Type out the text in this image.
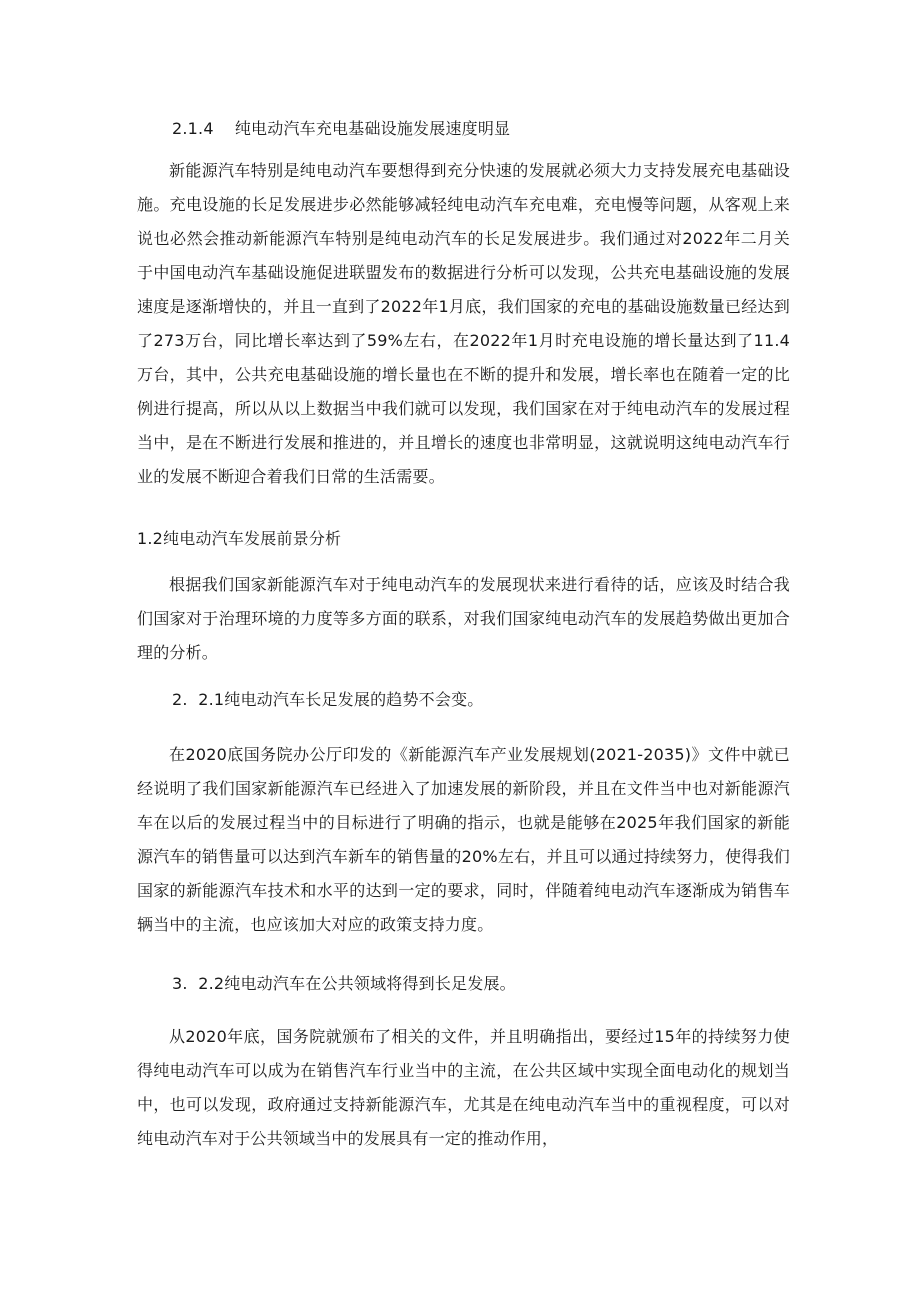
2.1.4    纯电动汽车充电基础设施发展速度明显

新能源汽车特别是纯电动汽车要想得到充分快速的发展就必须大力支持发展充电基础设施。充电设施的长足发展进步必然能够减轻纯电动汽车充电难，充电慢等问题，从客观上来说也必然会推动新能源汽车特别是纯电动汽车的长足发展进步。我们通过对2022年二月关于中国电动汽车基础设施促进联盟发布的数据进行分析可以发现，公共充电基础设施的发展速度是逐渐增快的，并且一直到了2022年1月底，我们国家的充电的基础设施数量已经达到了273万台，同比增长率达到了59%左右，在2022年1月时充电设施的增长量达到了11.4万台，其中，公共充电基础设施的增长量也在不断的提升和发展，增长率也在随着一定的比例进行提高，所以从以上数据当中我们就可以发现，我们国家在对于纯电动汽车的发展过程当中，是在不断进行发展和推进的，并且增长的速度也非常明显，这就说明这纯电动汽车行业的发展不断迎合着我们日常的生活需要。

1.2纯电动汽车发展前景分析

根据我们国家新能源汽车对于纯电动汽车的发展现状来进行看待的话，应该及时结合我们国家对于治理环境的力度等多方面的联系，对我们国家纯电动汽车的发展趋势做出更加合理的分析。

2.  2.1纯电动汽车长足发展的趋势不会变。

在2020底国务院办公厅印发的《新能源汽车产业发展规划(2021-2035)》文件中就已经说明了我们国家新能源汽车已经进入了加速发展的新阶段，并且在文件当中也对新能源汽车在以后的发展过程当中的目标进行了明确的指示，也就是能够在2025年我们国家的新能源汽车的销售量可以达到汽车新车的销售量的20%左右，并且可以通过持续努力，使得我们国家的新能源汽车技术和水平的达到一定的要求，同时，伴随着纯电动汽车逐渐成为销售车辆当中的主流，也应该加大对应的政策支持力度。

3.  2.2纯电动汽车在公共领域将得到长足发展。

从2020年底，国务院就颁布了相关的文件，并且明确指出，要经过15年的持续努力使得纯电动汽车可以成为在销售汽车行业当中的主流，在公共区域中实现全面电动化的规划当中，也可以发现，政府通过支持新能源汽车，尤其是在纯电动汽车当中的重视程度，可以对纯电动汽车对于公共领域当中的发展具有一定的推动作用，
